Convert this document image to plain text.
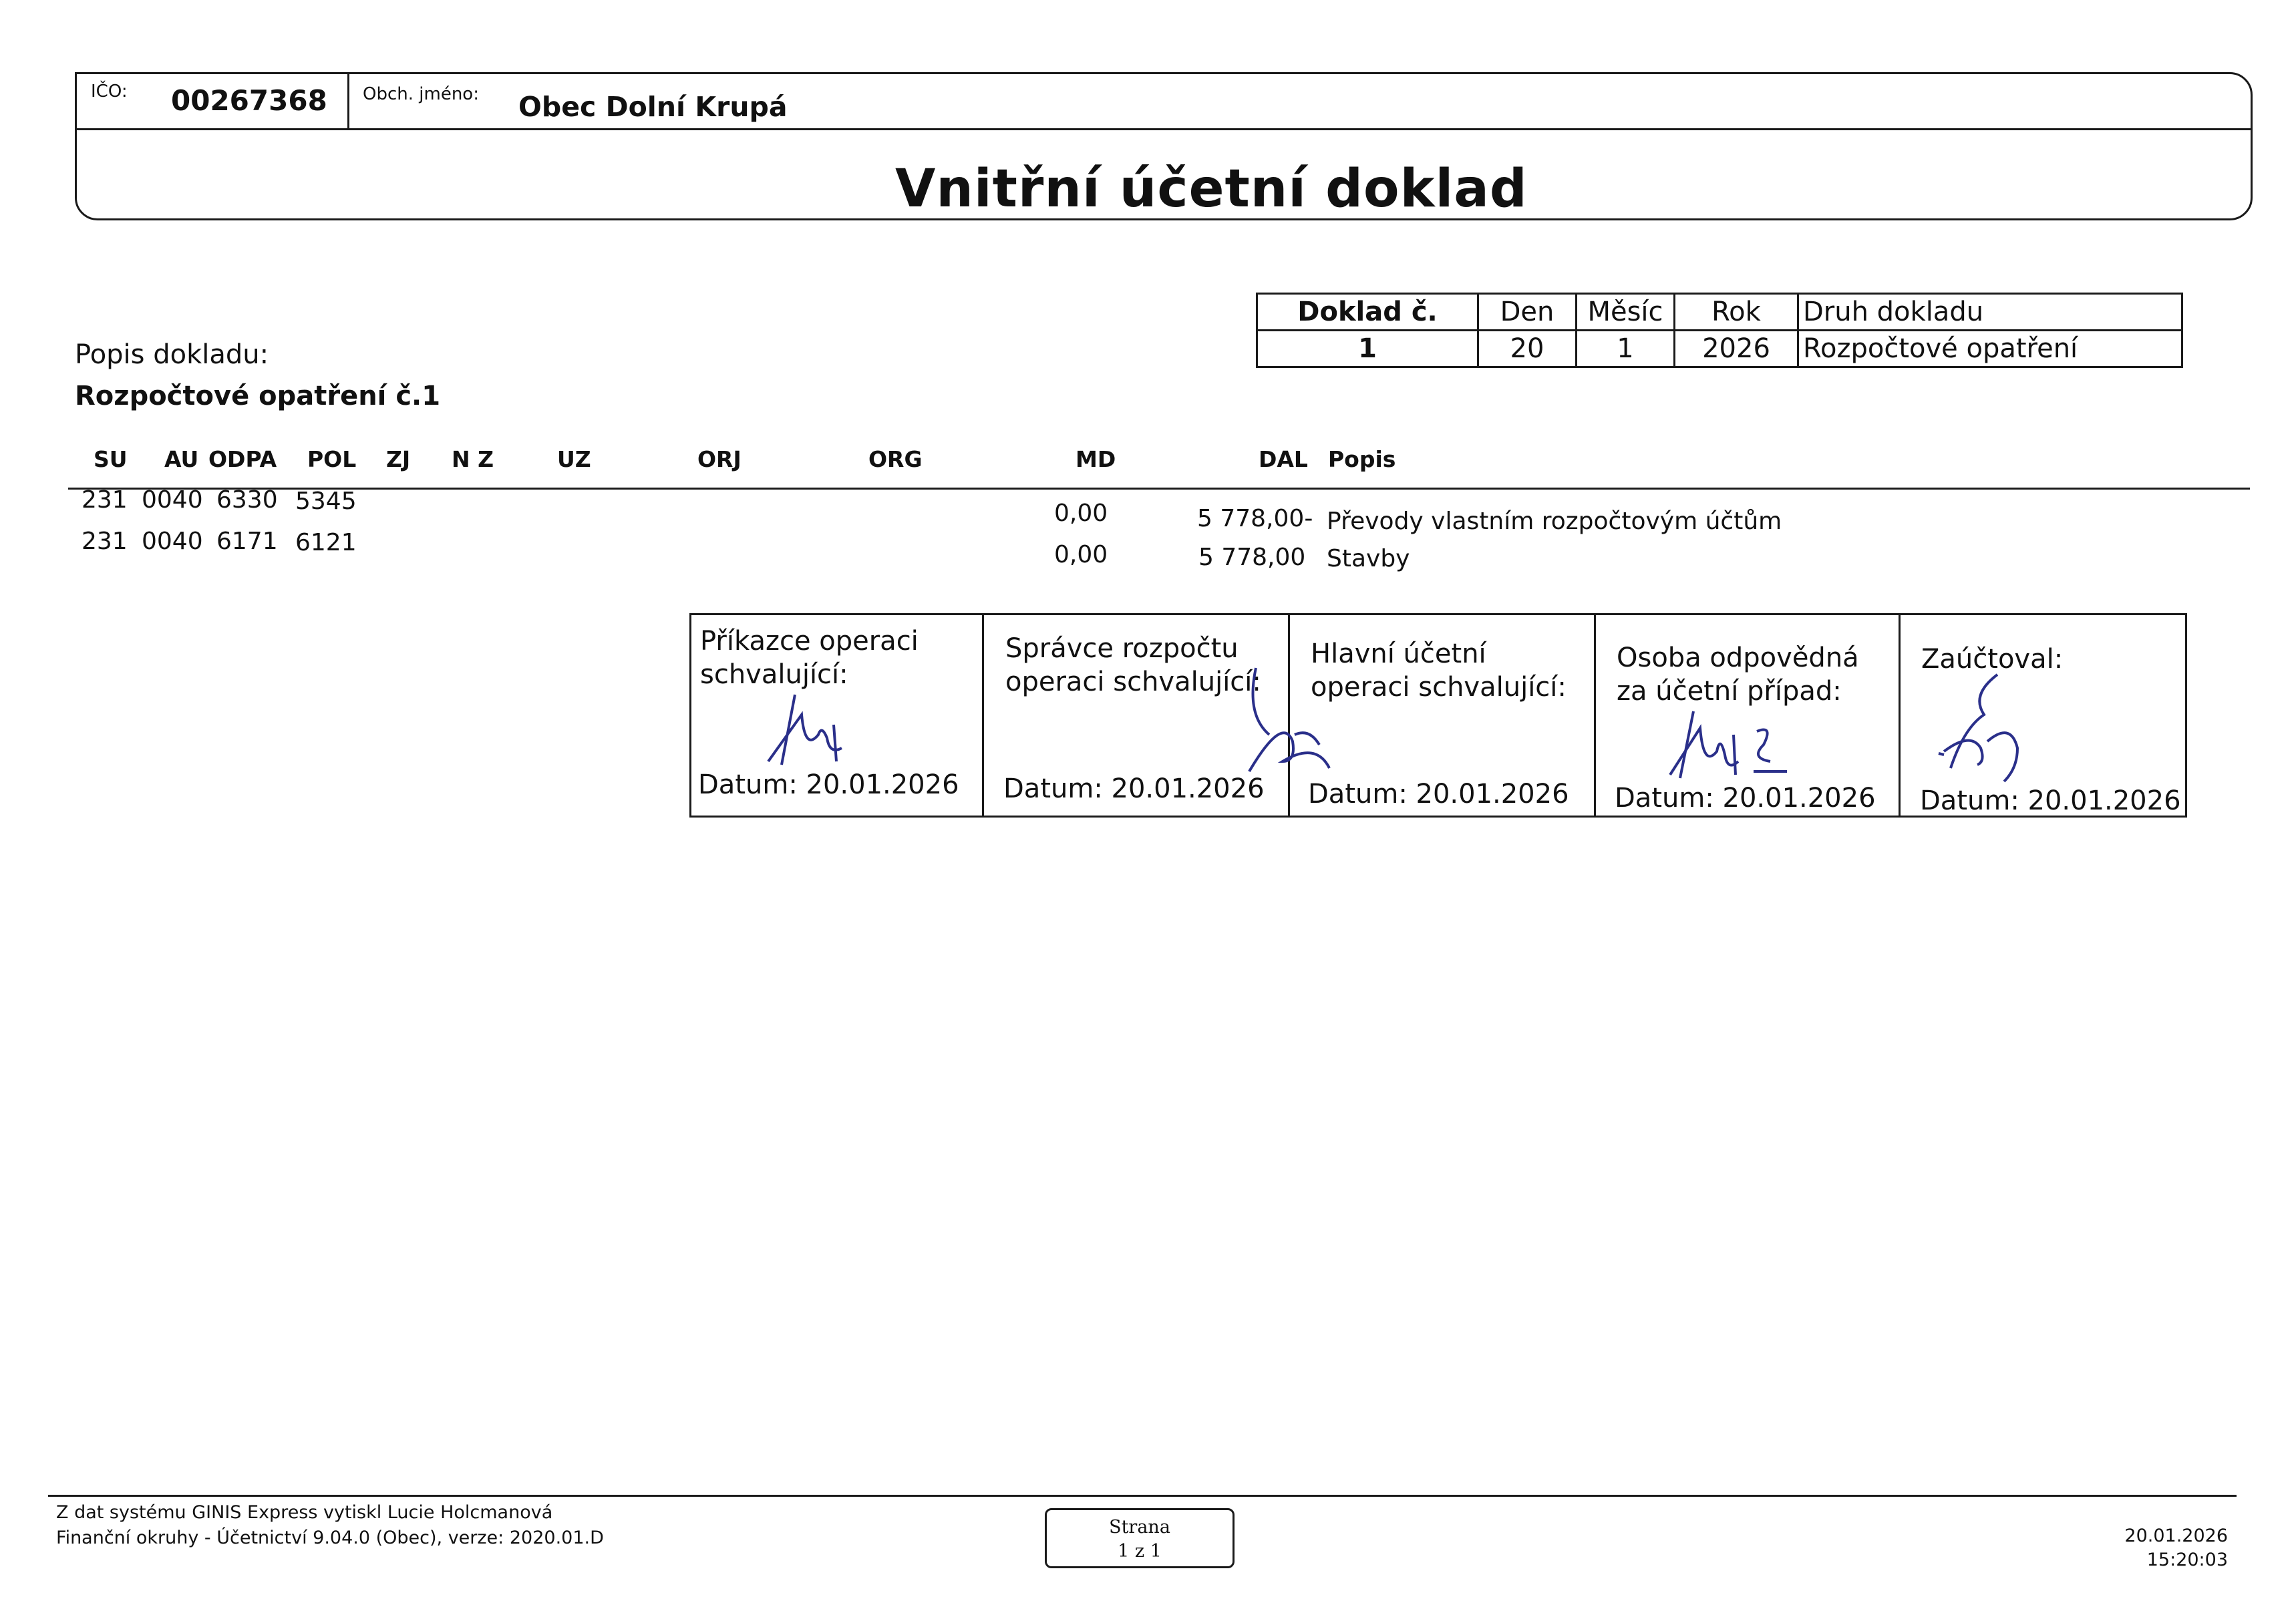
IČO: 00267368 Obch. jméno: Obec Dolní Krupá
Vnitřní účetní doklad
Doklad č.	Den	Měsíc	Rok	Druh dokladu
1	20	1	2026	Rozpočtové opatření
Popis dokladu:
Rozpočtové opatření č.1
SU AU ODPA POL ZJ N Z	UZ	ORJ	ORG	MD	DAL Popis
231 0040 6330 5345	0,00	5 778,00- Převody vlastním rozpočtovým účtům
231 0040 6171 6121	0,00	5 778,00 Stavby
Příkazce operaci schvalující:
Datum: 20.01.2026
Správce rozpočtu operaci schvalující:
Datum: 20.01.2026
Hlavní účetní operaci schvalující:
Datum: 20.01.2026
Osoba odpovědná za účetní případ:
Datum: 20.01.2026
Zaúčtoval:
Datum: 20.01.2026
Z dat systému GINIS Express vytiskl Lucie Holcmanová
Finanční okruhy - Účetnictví 9.04.0 (Obec), verze: 2020.01.D
Strana
1 z 1
20.01.2026
15:20:03
